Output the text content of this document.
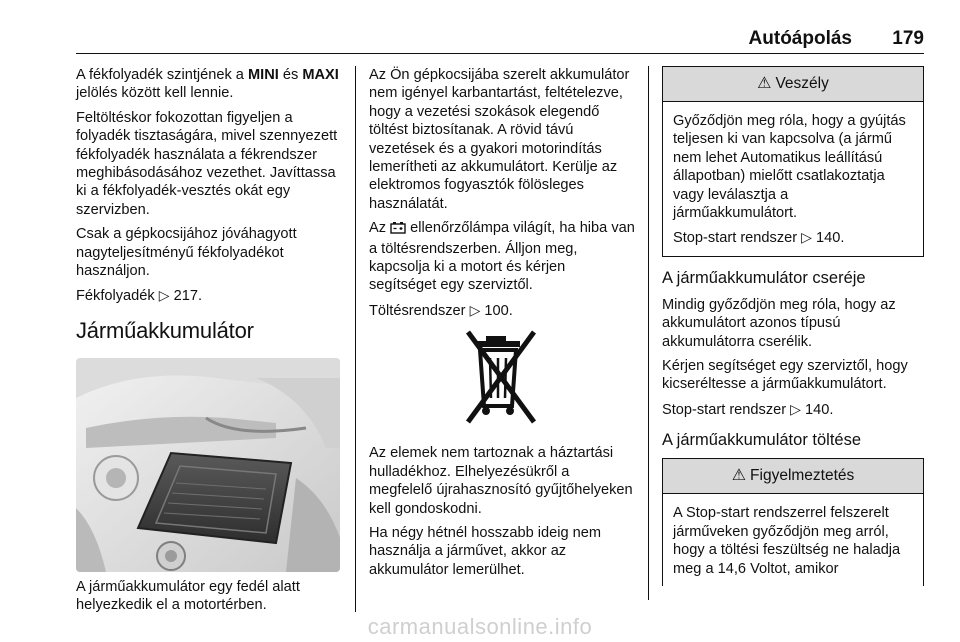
Autóápolás 179

A fékfolyadék szintjének a MINI és MAXI jelölés között kell lennie.

Feltöltéskor fokozottan figyeljen a folyadék tisztaságára, mivel szennyezett fékfolyadék használata a fékrendszer meghibásodásához vezethet. Javíttassa ki a fékfolyadék-vesztés okát egy szervizben.

Csak a gépkocsijához jóváhagyott nagyteljesítményű fékfolyadékot használjon.

Fékfolyadék ▷ 217.

Járműakkumulátor

A járműakkumulátor egy fedél alatt helyezkedik el a motortérben.

Az Ön gépkocsijába szerelt akkumulátor nem igényel karbantartást, feltételezve, hogy a vezetési szokások elegendő töltést biztosítanak. A rövid távú vezetések és a gyakori motorindítás lemerítheti az akkumulátort. Kerülje az elektromos fogyasztók fölösleges használatát.

Az  ellenőrzőlámpa világít, ha hiba van a töltésrendszerben. Álljon meg, kapcsolja ki a motort és kérjen segítséget egy szerviztől.

Töltésrendszer ▷ 100.

Az elemek nem tartoznak a háztartási hulladékhoz. Elhelyezésükről a megfelelő újrahasznosító gyűjtőhelyeken kell gondoskodni.

Ha négy hétnél hosszabb ideig nem használja a járművet, akkor az akkumulátor lemerülhet.

⚠ Veszély

Győződjön meg róla, hogy a gyújtás teljesen ki van kapcsolva (a jármű nem lehet Automatikus leállítású állapotban) mielőtt csatlakoztatja vagy leválasztja a járműakkumulátort.

Stop-start rendszer ▷ 140.

A járműakkumulátor cseréje

Mindig győződjön meg róla, hogy az akkumulátort azonos típusú akkumulátorra cserélik.

Kérjen segítséget egy szerviztől, hogy kicseréltesse a járműakkumulátort.

Stop-start rendszer ▷ 140.

A járműakkumulátor töltése
⚠ Figyelmeztetés

A Stop-start rendszerrel felszerelt járműveken győződjön meg arról, hogy a töltési feszültség ne haladja meg a 14,6 Voltot, amikor

carmanualsonline.info
